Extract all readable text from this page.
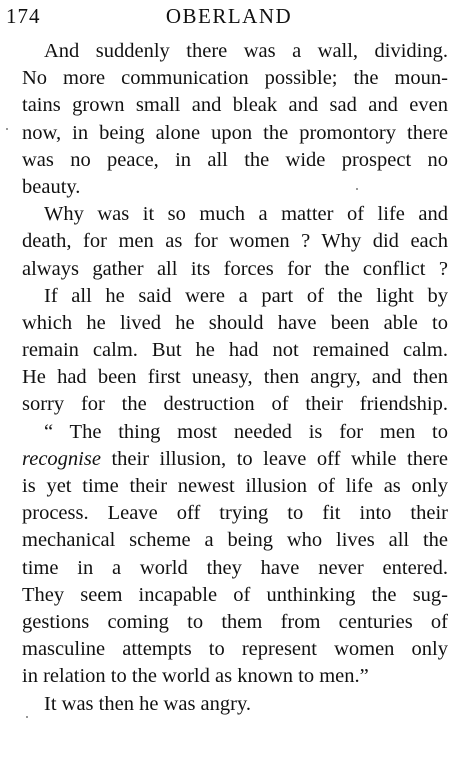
174	OBERLAND
And suddenly there was a wall, dividing.
No more communication possible; the moun-
tains grown small and bleak and sad and even
now, in being alone upon the promontory there
was no peace, in all the wide prospect no
beauty.
Why was it so much a matter of life and
death, for men as for women ? Why did each
always gather all its forces for the conflict ?
If all he said were a part of the light by
which he lived he should have been able to
remain calm. But he had not remained calm.
He had been first uneasy, then angry, and then
sorry for the destruction of their friendship.
“ The thing most needed is for men to
recognise their illusion, to leave off while there
is yet time their newest illusion of life as only
process. Leave off trying to fit into their
mechanical scheme a being who lives all the
time in a world they have never entered.
They seem incapable of unthinking the sug-
gestions coming to them from centuries of
masculine attempts to represent women only
in relation to the world as known to men.”
It was then he was angry.
